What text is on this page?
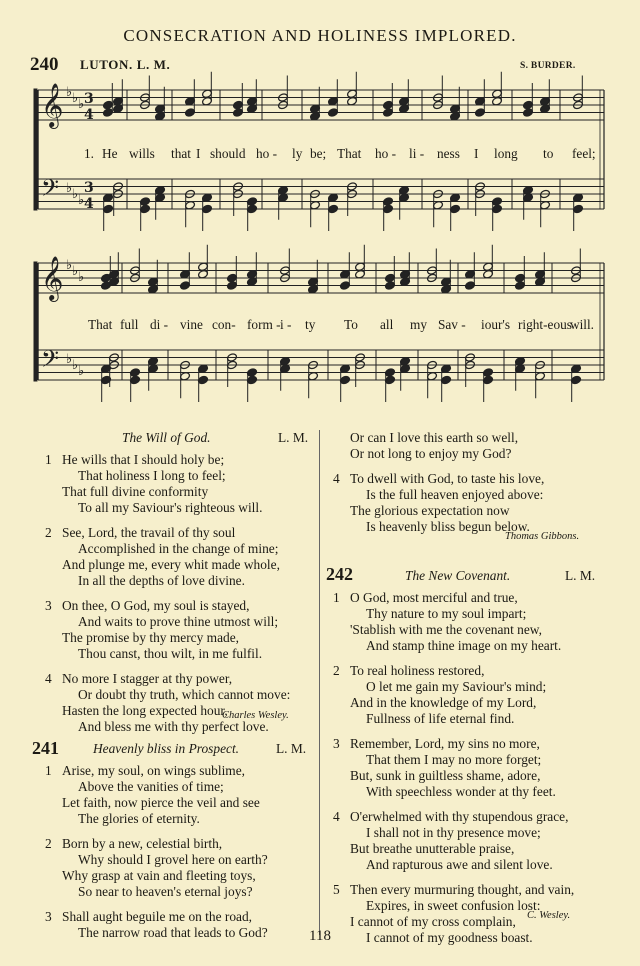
CONSECRATION AND HOLINESS IMPLORED.
240 LUTON. L. M.	S. BURDER.
𝄞 ♭ ♭ ♭ 3
4
𝄢 ♭ ♭ ♭
3
4
𝄞 ♭ ♭ ♭
𝄢 ♭ ♭ ♭
1. He wills that I should ho - ly be; That ho - li - ness I long to feel;
That full di - vine con- form - i - ty To all my Sav - iour's right-eous
will.
The Will of God.	L. M.
1 He wills that I should holy be;
That holiness I long to feel;
That full divine conformity
To all my Saviour's righteous will.
2 See, Lord, the travail of thy soul
Accomplished in the change of mine;
And plunge me, every whit made whole,
In all the depths of love divine.
3 On thee, O God, my soul is stayed,
And waits to prove thine utmost will;
The promise by thy mercy made,
Thou canst, thou wilt, in me fulfil.
4 No more I stagger at thy power,
Or doubt thy truth, which cannot move:
Hasten the long expected hour,
And bless me with thy perfect love.
Charles Wesley.
241	Heavenly bliss in Prospect.	L. M.
1 Arise, my soul, on wings sublime,
Above the vanities of time;
Let faith, now pierce the veil and see
The glories of eternity.
2 Born by a new, celestial birth,
Why should I grovel here on earth?
Why grasp at vain and fleeting toys,
So near to heaven's eternal joys?
3 Shall aught beguile me on the road,
The narrow road that leads to God?
Or can I love this earth so well,
Or not long to enjoy my God?
4 To dwell with God, to taste his love,
Is the full heaven enjoyed above:
The glorious expectation now
Is heavenly bliss begun below.
Thomas Gibbons.
242	The New Covenant.	L. M.
1 O God, most merciful and true,
Thy nature to my soul impart;
'Stablish with me the covenant new,
And stamp thine image on my heart.
2 To real holiness restored,
O let me gain my Saviour's mind;
And in the knowledge of my Lord,
Fullness of life eternal find.
3 Remember, Lord, my sins no more,
That them I may no more forget;
But, sunk in guiltless shame, adore,
With speechless wonder at thy feet.
4 O'erwhelmed with thy stupendous grace,
I shall not in thy presence move;
But breathe unutterable praise,
And rapturous awe and silent love.
5 Then every murmuring thought, and vain,
Expires, in sweet confusion lost:
I cannot of my cross complain,
I cannot of my goodness boast.
C. Wesley.
118
